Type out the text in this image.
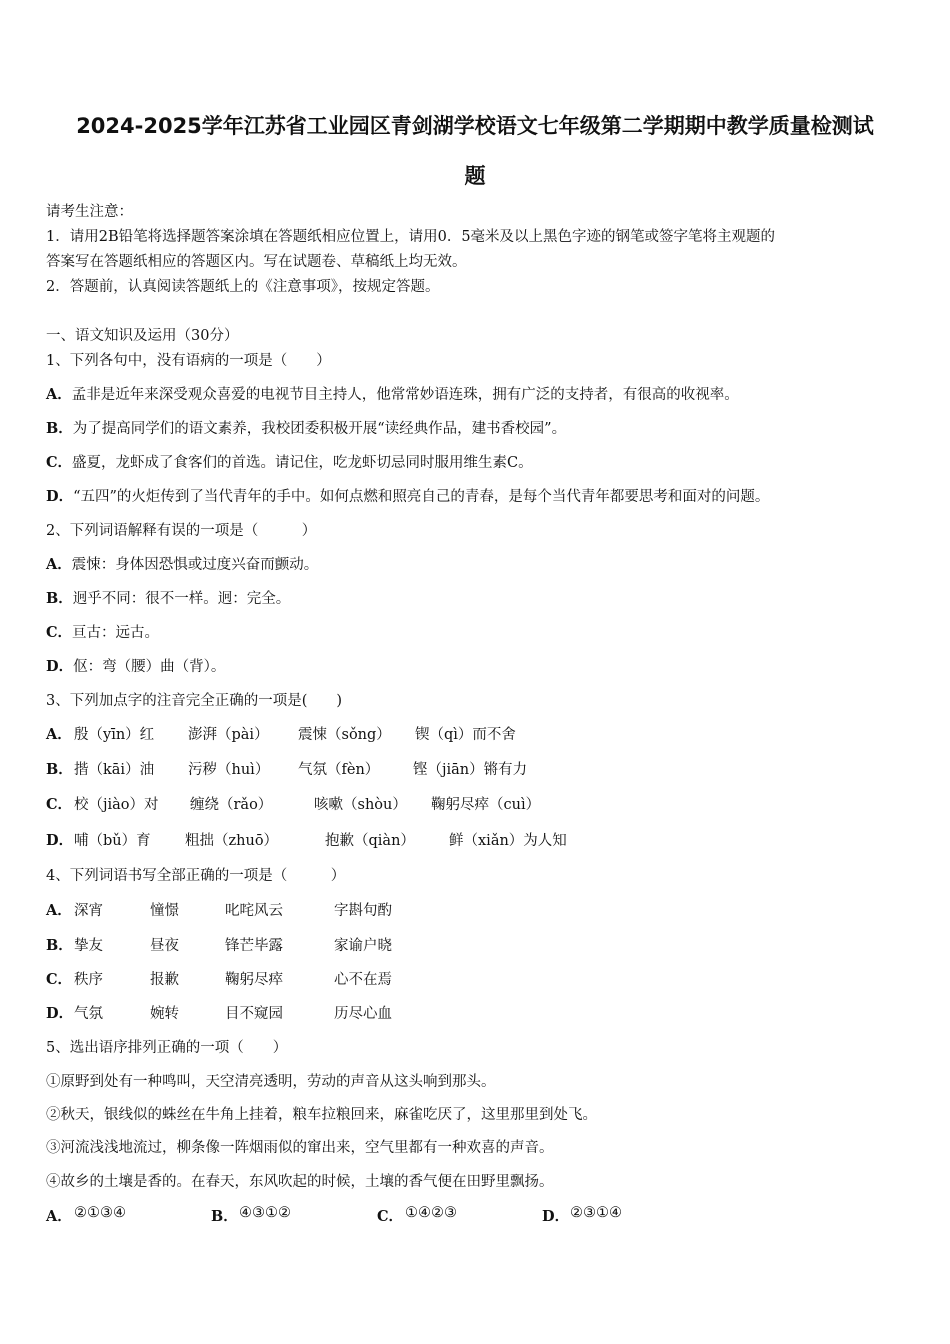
2024-2025学年江苏省工业园区青剑湖学校语文七年级第二学期期中教学质量检测试
题
请考生注意：
1．请用2B铅笔将选择题答案涂填在答题纸相应位置上，请用0．5毫米及以上黑色字迹的钢笔或签字笔将主观题的
答案写在答题纸相应的答题区内。写在试题卷、草稿纸上均无效。
2．答题前，认真阅读答题纸上的《注意事项》，按规定答题。
一、语文知识及运用（30分）
1、下列各句中，没有语病的一项是（　　）
A．孟非是近年来深受观众喜爱的电视节目主持人，他常常妙语连珠，拥有广泛的支持者，有很高的收视率。
B．为了提高同学们的语文素养，我校团委积极开展“读经典作品，建书香校园”。
C．盛夏，龙虾成了食客们的首选。请记住，吃龙虾切忌同时服用维生素C。
D．“五四”的火炬传到了当代青年的手中。如何点燃和照亮自己的青春，是每个当代青年都要思考和面对的问题。
2、下列词语解释有误的一项是（　　　）
A．震悚：身体因恐惧或过度兴奋而颤动。
B．迥乎不同：很不一样。迥：完全。
C．亘古：远古。
D．伛：弯（腰）曲（背）。
3、下列加点字的注音完全正确的一项是(　　)
A． 殷（yīn）红 澎湃（pài） 震悚（sǒng） 锲（qì）而不舍
B． 揩（kāi）油 污秽（huì） 气氛（fèn） 铿（jiān）锵有力
C． 校（jiào）对 缠绕（rǎo）	咳嗽（shòu） 鞠躬尽瘁（cuì）
D． 哺（bǔ）育 粗拙（zhuō）	抱歉（qiàn） 鲜（xiǎn）为人知
4、下列词语书写全部正确的一项是（　　　）
A． 深宵	憧憬	叱咤风云	字斟句酌
B． 挚友	昼夜	锋芒毕露	家谕户晓
C． 秩序	报歉	鞠躬尽瘁	心不在焉
D． 气氛	婉转	目不窥园	历尽心血
5、选出语序排列正确的一项（　　）
①原野到处有一种鸣叫，天空清亮透明，劳动的声音从这头响到那头。
②秋天，银线似的蛛丝在牛角上挂着，粮车拉粮回来，麻雀吃厌了，这里那里到处飞。
③河流浅浅地流过，柳条像一阵烟雨似的窜出来，空气里都有一种欢喜的声音。
④故乡的土壤是香的。在春天，东风吹起的时候，土壤的香气便在田野里飘扬。
A． ②①③④	B． ④③①②	C． ①④②③	D． ②③①④
